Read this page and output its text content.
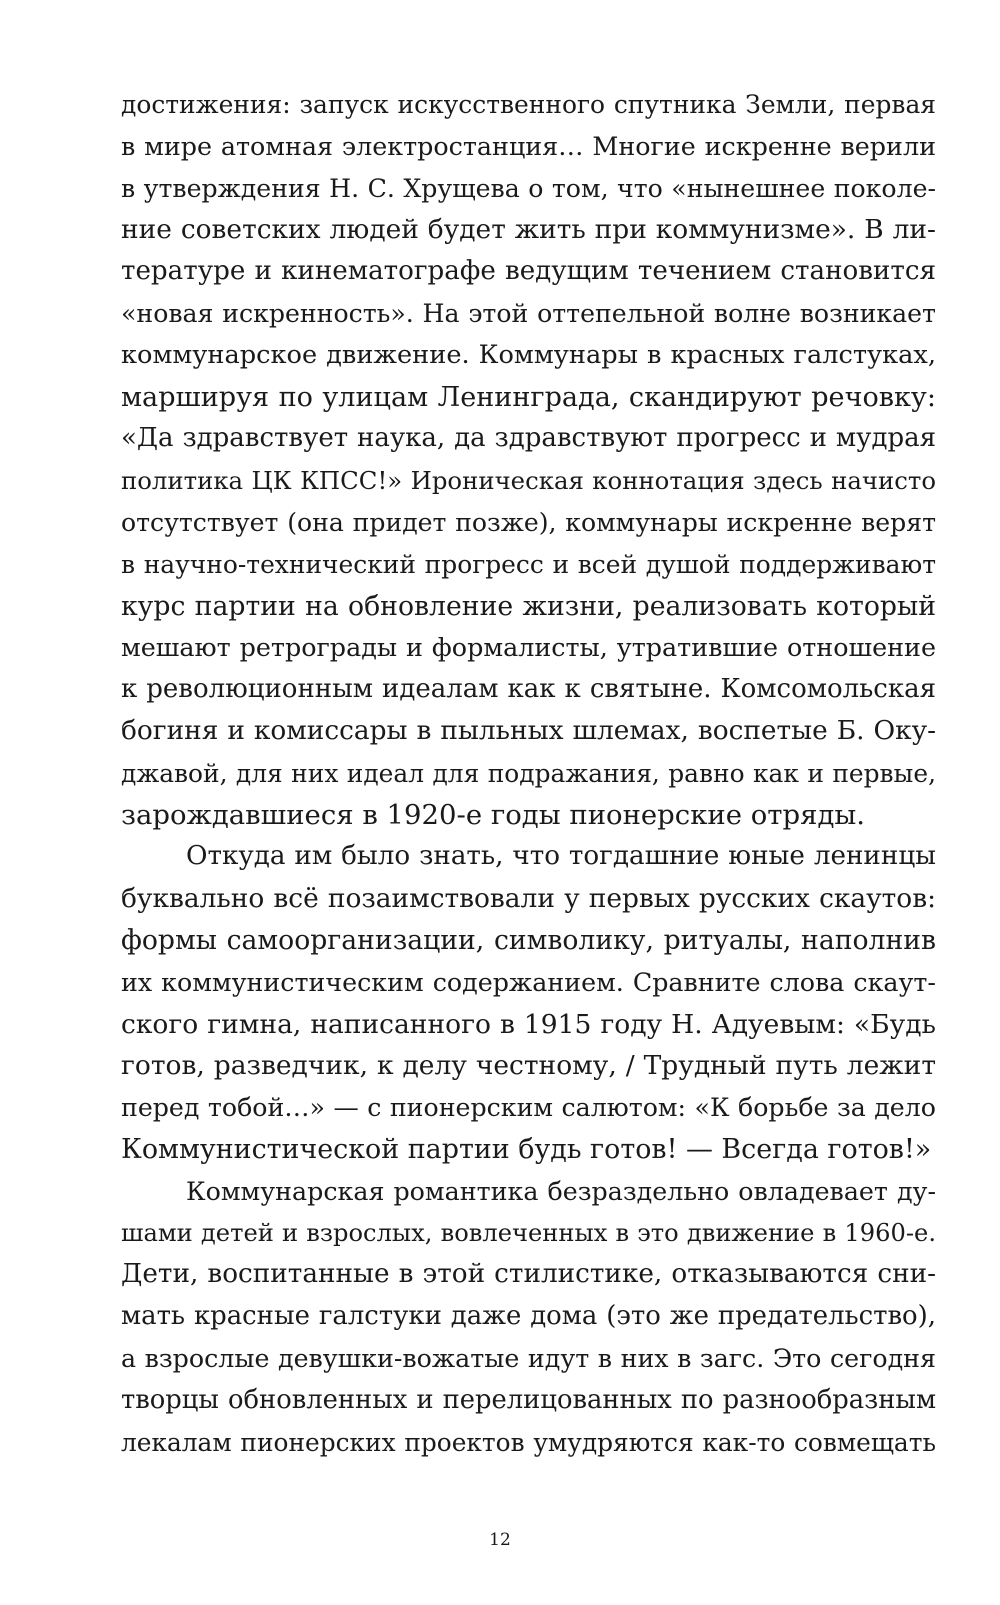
достижения: запуск искусственного спутника Земли, первая
в мире атомная электростанция… Многие искренне верили
в утверждения Н. С. Хрущева о том, что «нынешнее поколе-
ние советских людей будет жить при коммунизме». В ли-
тературе и кинематографе ведущим течением становится
«новая искренность». На этой оттепельной волне возникает
коммунарское движение. Коммунары в красных галстуках,
маршируя по улицам Ленинграда, скандируют речовку:
«Да здравствует наука, да здравствуют прогресс и мудрая
политика ЦК КПСС!» Ироническая коннотация здесь начисто
отсутствует (она придет позже), коммунары искренне верят
в научно-технический прогресс и всей душой поддерживают
курс партии на обновление жизни, реализовать который
мешают ретрограды и формалисты, утратившие отношение
к революционным идеалам как к святыне. Комсомольская
богиня и комиссары в пыльных шлемах, воспетые Б. Оку-
джавой, для них идеал для подражания, равно как и первые,
зарождавшиеся в 1920-е годы пионерские отряды.
Откуда им было знать, что тогдашние юные ленинцы
буквально всё позаимствовали у первых русских скаутов:
формы самоорганизации, символику, ритуалы, наполнив
их коммунистическим содержанием. Сравните слова скаут-
ского гимна, написанного в 1915 году Н. Адуевым: «Будь
готов, разведчик, к делу честному, / Трудный путь лежит
перед тобой…» — с пионерским салютом: «К борьбе за дело
Коммунистической партии будь готов! — Всегда готов!»
Коммунарская романтика безраздельно овладевает ду-
шами детей и взрослых, вовлеченных в это движение в 1960-е.
Дети, воспитанные в этой стилистике, отказываются сни-
мать красные галстуки даже дома (это же предательство),
а взрослые девушки-вожатые идут в них в загс. Это сегодня
творцы обновленных и перелицованных по разнообразным
лекалам пионерских проектов умудряются как-то совмещать
12
